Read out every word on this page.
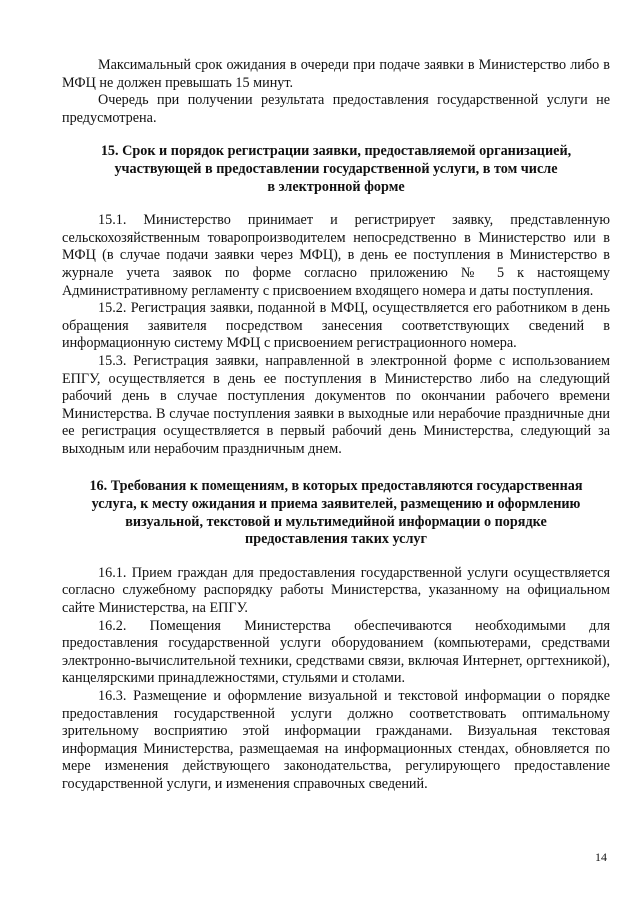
Максимальный срок ожидания в очереди при подаче заявки в Министерство либо в МФЦ не должен превышать 15 минут.

Очередь при получении результата предоставления государственной услуги не предусмотрена.

15. Срок и порядок регистрации заявки, предоставляемой организацией,

участвующей в предоставлении государственной услуги, в том числе

в электронной форме

15.1. Министерство принимает и регистрирует заявку, представленную сельскохозяйственным товаропроизводителем непосредственно в Министерство или в МФЦ (в случае подачи заявки через МФЦ), в день ее поступления в Министерство в журнале учета заявок по форме согласно приложению № 5 к настоящему Административному регламенту с присвоением входящего номера и даты поступления.

15.2. Регистрация заявки, поданной в МФЦ, осуществляется его работником в день обращения заявителя посредством занесения соответствующих сведений в информационную систему МФЦ с присвоением регистрационного номера.

15.3. Регистрация заявки, направленной в электронной форме с использованием ЕПГУ, осуществляется в день ее поступления в Министерство либо на следующий рабочий день в случае поступления документов по окончании рабочего времени Министерства. В случае поступления заявки в выходные или нерабочие праздничные дни ее регистрация осуществляется в первый рабочий день Министерства, следующий за выходным или нерабочим праздничным днем.

16. Требования к помещениям, в которых предоставляются государственная

услуга, к месту ожидания и приема заявителей, размещению и оформлению

визуальной, текстовой и мультимедийной информации о порядке

предоставления таких услуг

16.1. Прием граждан для предоставления государственной услуги осуществляется согласно служебному распорядку работы Министерства, указанному на официальном сайте Министерства, на ЕПГУ.

16.2. Помещения Министерства обеспечиваются необходимыми для предоставления государственной услуги оборудованием (компьютерами, средствами электронно-вычислительной техники, средствами связи, включая Интернет, оргтехникой), канцелярскими принадлежностями, стульями и столами.

16.3. Размещение и оформление визуальной и текстовой информации о порядке предоставления государственной услуги должно соответствовать оптимальному зрительному восприятию этой информации гражданами. Визуальная текстовая информация Министерства, размещаемая на информационных стендах, обновляется по мере изменения действующего законодательства, регулирующего предоставление государственной услуги, и изменения справочных сведений.

14
